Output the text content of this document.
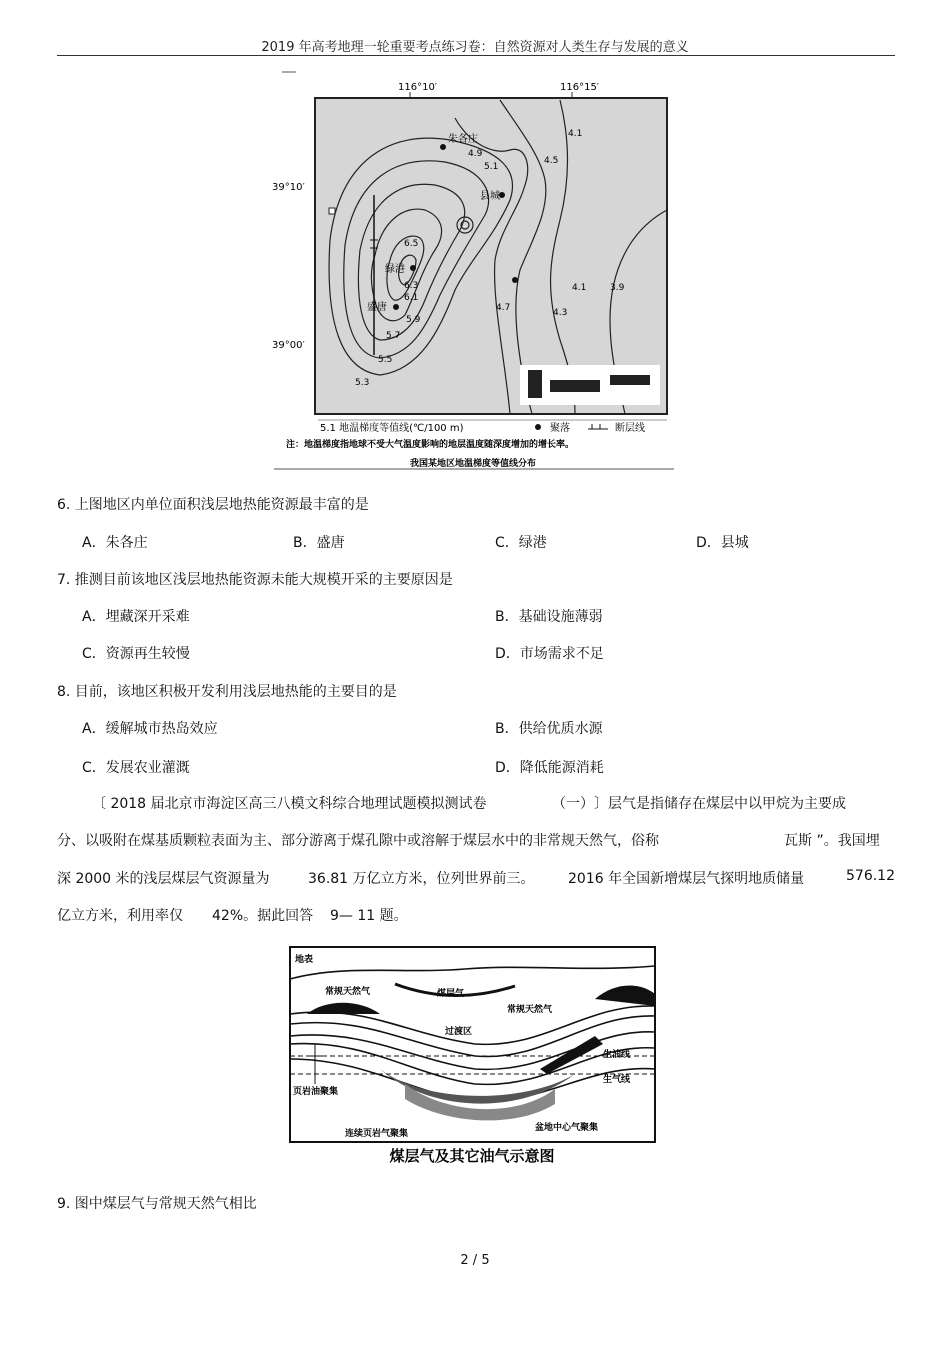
2019 年高考地理一轮重要考点练习卷：自然资源对人类生存与发展的意义
116°10′	116°15′
39°10′
39°00′
朱各庄
县城
绿港
盛唐
4.9
5.1
4.5
4.1
6.3
6.1
5.9
5.7
5.5
5.3
4.7	4.3
3.9
4.1
6.5
5.1 地温梯度等值线(℃/100 m)	聚落	断层线
注：地温梯度指地球不受大气温度影响的地层温度随深度增加的增长率。
我国某地区地温梯度等值线分布
6. 上图地区内单位面积浅层地热能资源最丰富的是
A．朱各庄	B．盛唐	C．绿港	D．县城
7. 推测目前该地区浅层地热能资源未能大规模开采的主要原因是
A．埋藏深开采难	B．基础设施薄弱
C．资源再生较慢	D．市场需求不足
8. 目前，该地区积极开发利用浅层地热能的主要目的是
A．缓解城市热岛效应	B．供给优质水源
C．发展农业灌溉	D．降低能源消耗
〔 2018 届北京市海淀区高三八模文科综合地理试题模拟测试卷	（一） 〕层气是指储存在煤层中以甲烷为主要成
分、以吸附在煤基质颗粒表面为主、部分游离于煤孔隙中或溶解于煤层水中的非常规天然气，俗称	瓦斯 ”。我国埋
深 2000 米的浅层煤层气资源量为	36.81 万亿立方米，位列世界前三。 2016 年全国新增煤层气探明地质储量	576.12
亿立方米，利用率仅 42%。据此回答 9— 11 题。
地表
常规天然气	煤层气
常规天然气
过渡区
生油线
生气线
页岩油聚集
连续页岩气聚集
盆地中心气聚集
煤层气及其它油气示意图
9. 图中煤层气与常规天然气相比
2 / 5
